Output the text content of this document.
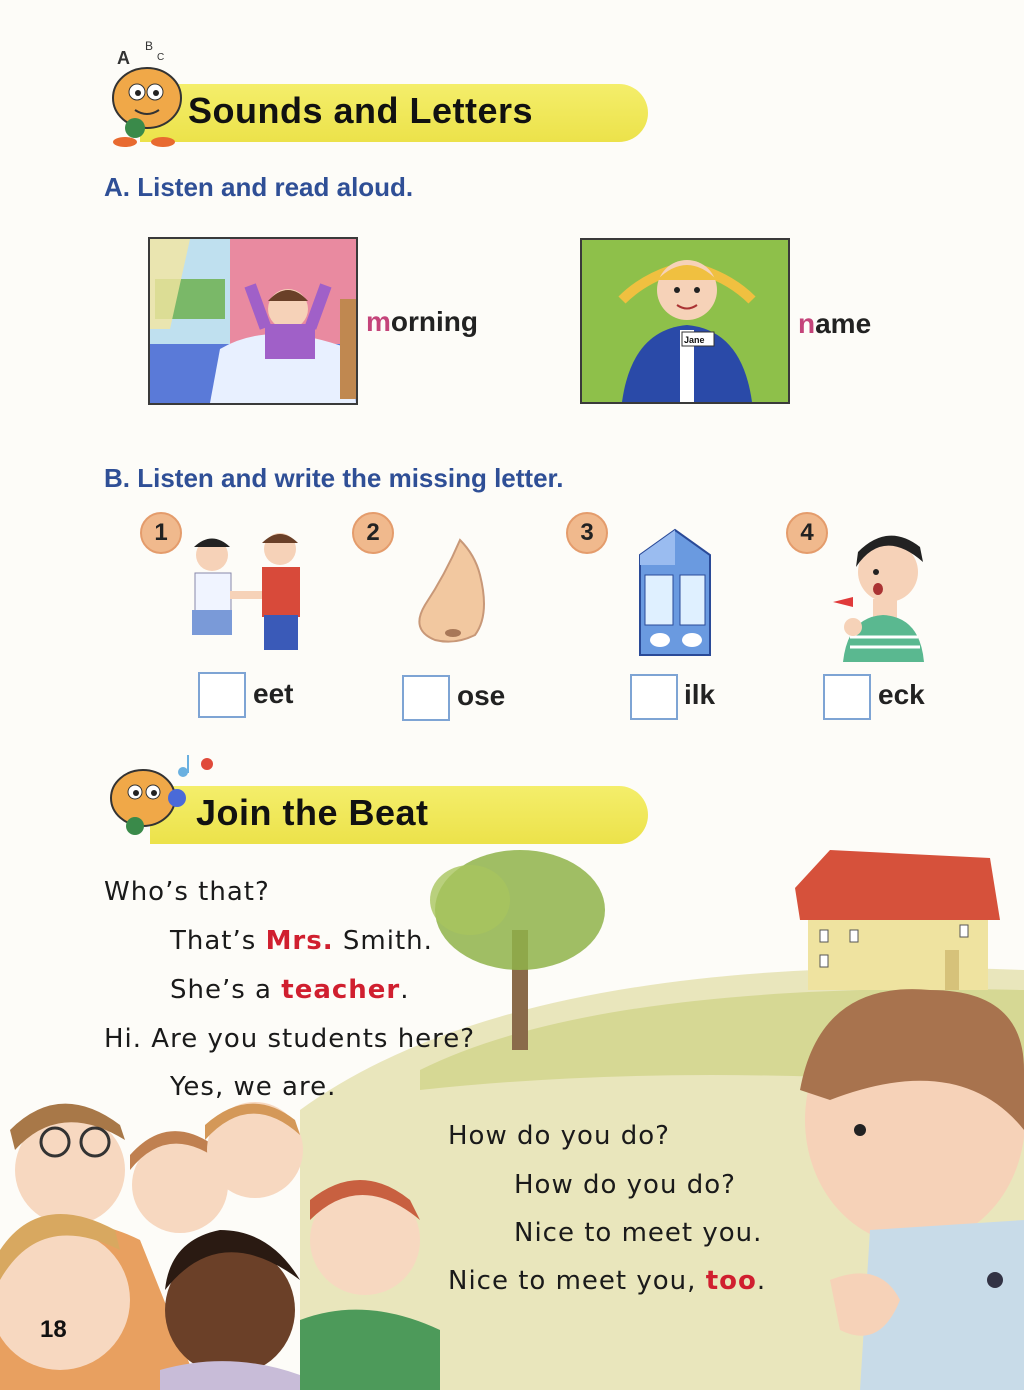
A
B
C
Sounds and Letters
A. Listen and read aloud.
morning
Jane
name
B. Listen and write the missing letter.
1
eet
2
ose
3
ilk
4
eck
Join the Beat
Who’s that?
That’s Mrs. Smith.
She’s a teacher.
Hi. Are you students here?
Yes, we are.
How do you do?
How do you do?
Nice to meet you.
Nice to meet you, too.
18
